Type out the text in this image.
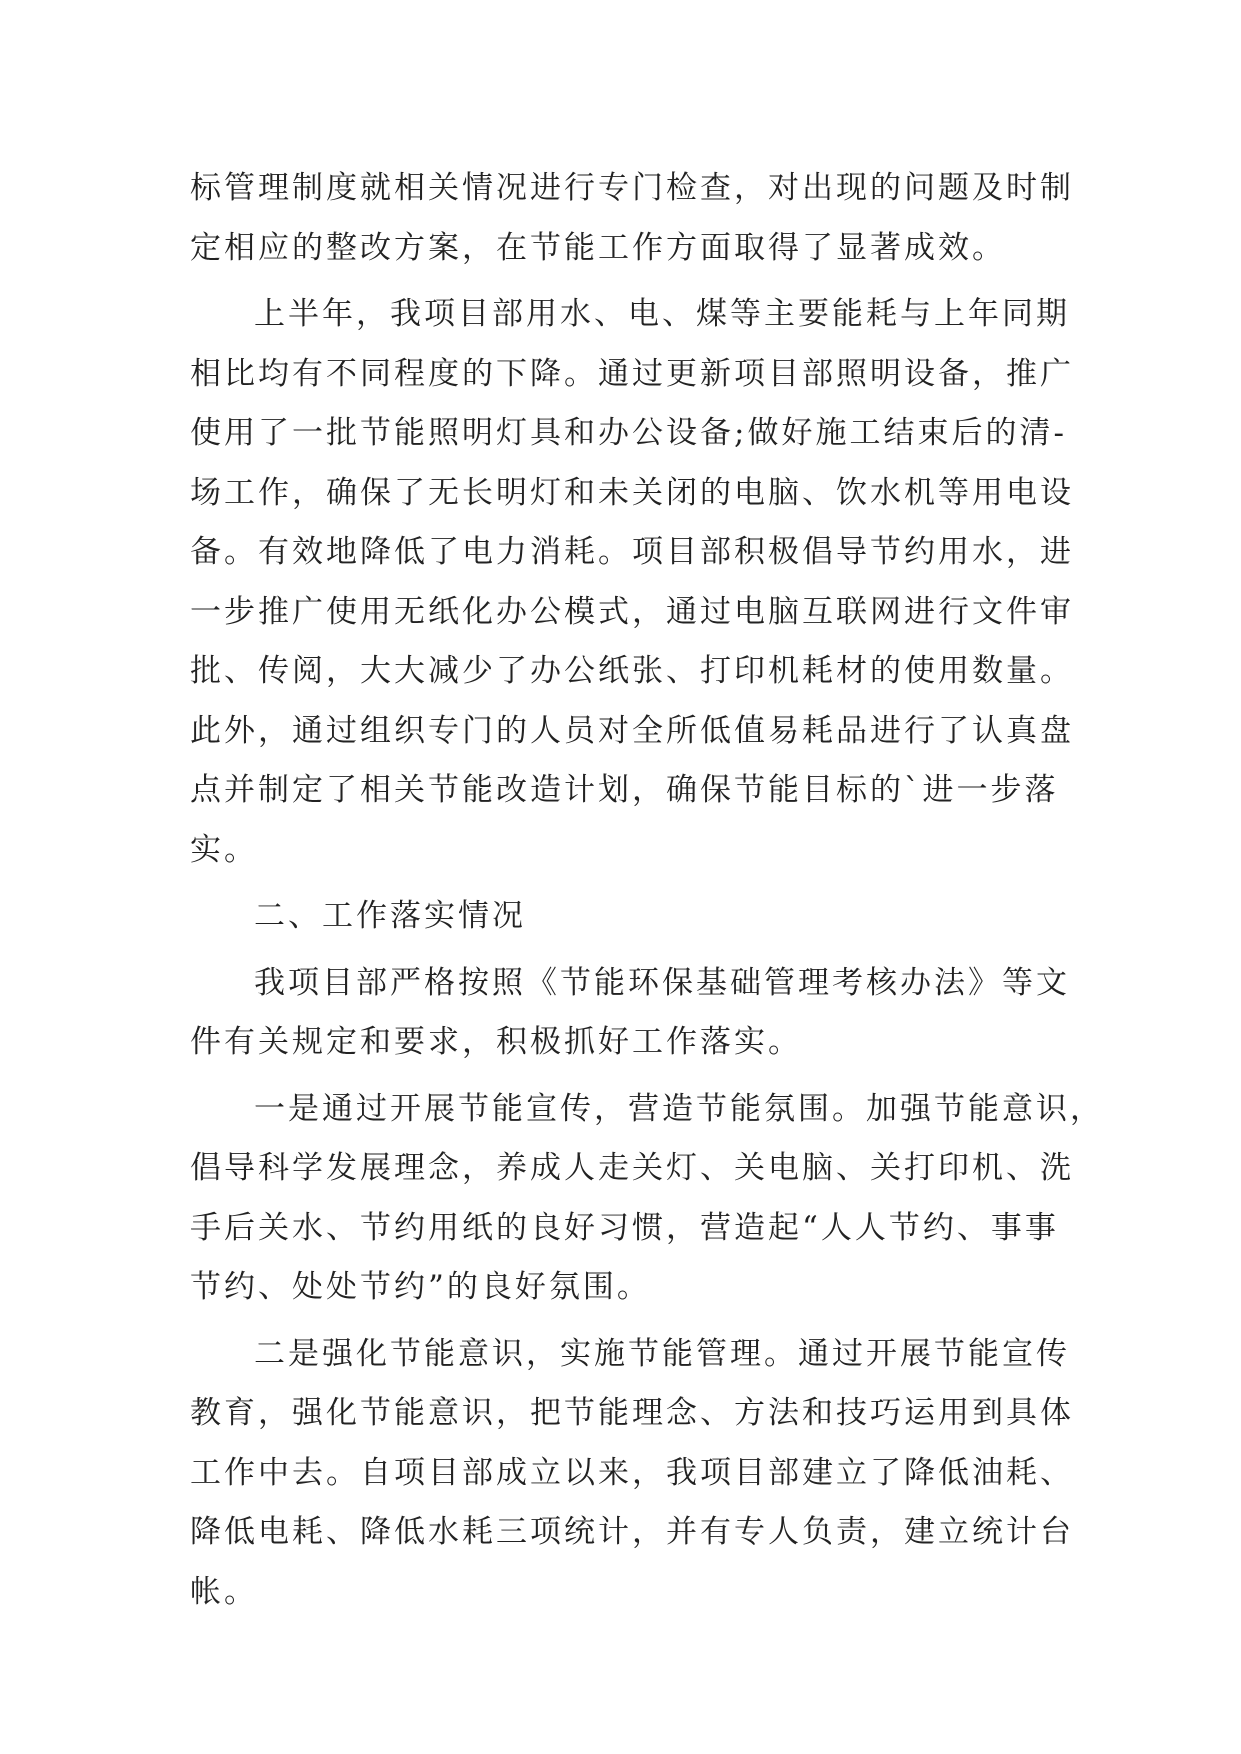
标管理制度就相关情况进行专门检查，对出现的问题及时制
定相应的整改方案，在节能工作方面取得了显著成效。
上半年，我项目部用水、电、煤等主要能耗与上年同期
相比均有不同程度的下降。通过更新项目部照明设备，推广
使用了一批节能照明灯具和办公设备;做好施工结束后的清-
场工作，确保了无长明灯和未关闭的电脑、饮水机等用电设
备。有效地降低了电力消耗。项目部积极倡导节约用水，进
一步推广使用无纸化办公模式，通过电脑互联网进行文件审
批、传阅，大大减少了办公纸张、打印机耗材的使用数量。
此外，通过组织专门的人员对全所低值易耗品进行了认真盘
点并制定了相关节能改造计划，确保节能目标的`进一步落
实。
二、工作落实情况
我项目部严格按照《节能环保基础管理考核办法》等文
件有关规定和要求，积极抓好工作落实。
一是通过开展节能宣传，营造节能氛围。加强节能意识，
倡导科学发展理念，养成人走关灯、关电脑、关打印机、洗
手后关水、节约用纸的良好习惯，营造起“人人节约、事事
节约、处处节约”的良好氛围。
二是强化节能意识，实施节能管理。通过开展节能宣传
教育，强化节能意识，把节能理念、方法和技巧运用到具体
工作中去。自项目部成立以来，我项目部建立了降低油耗、
降低电耗、降低水耗三项统计，并有专人负责，建立统计台
帐。
